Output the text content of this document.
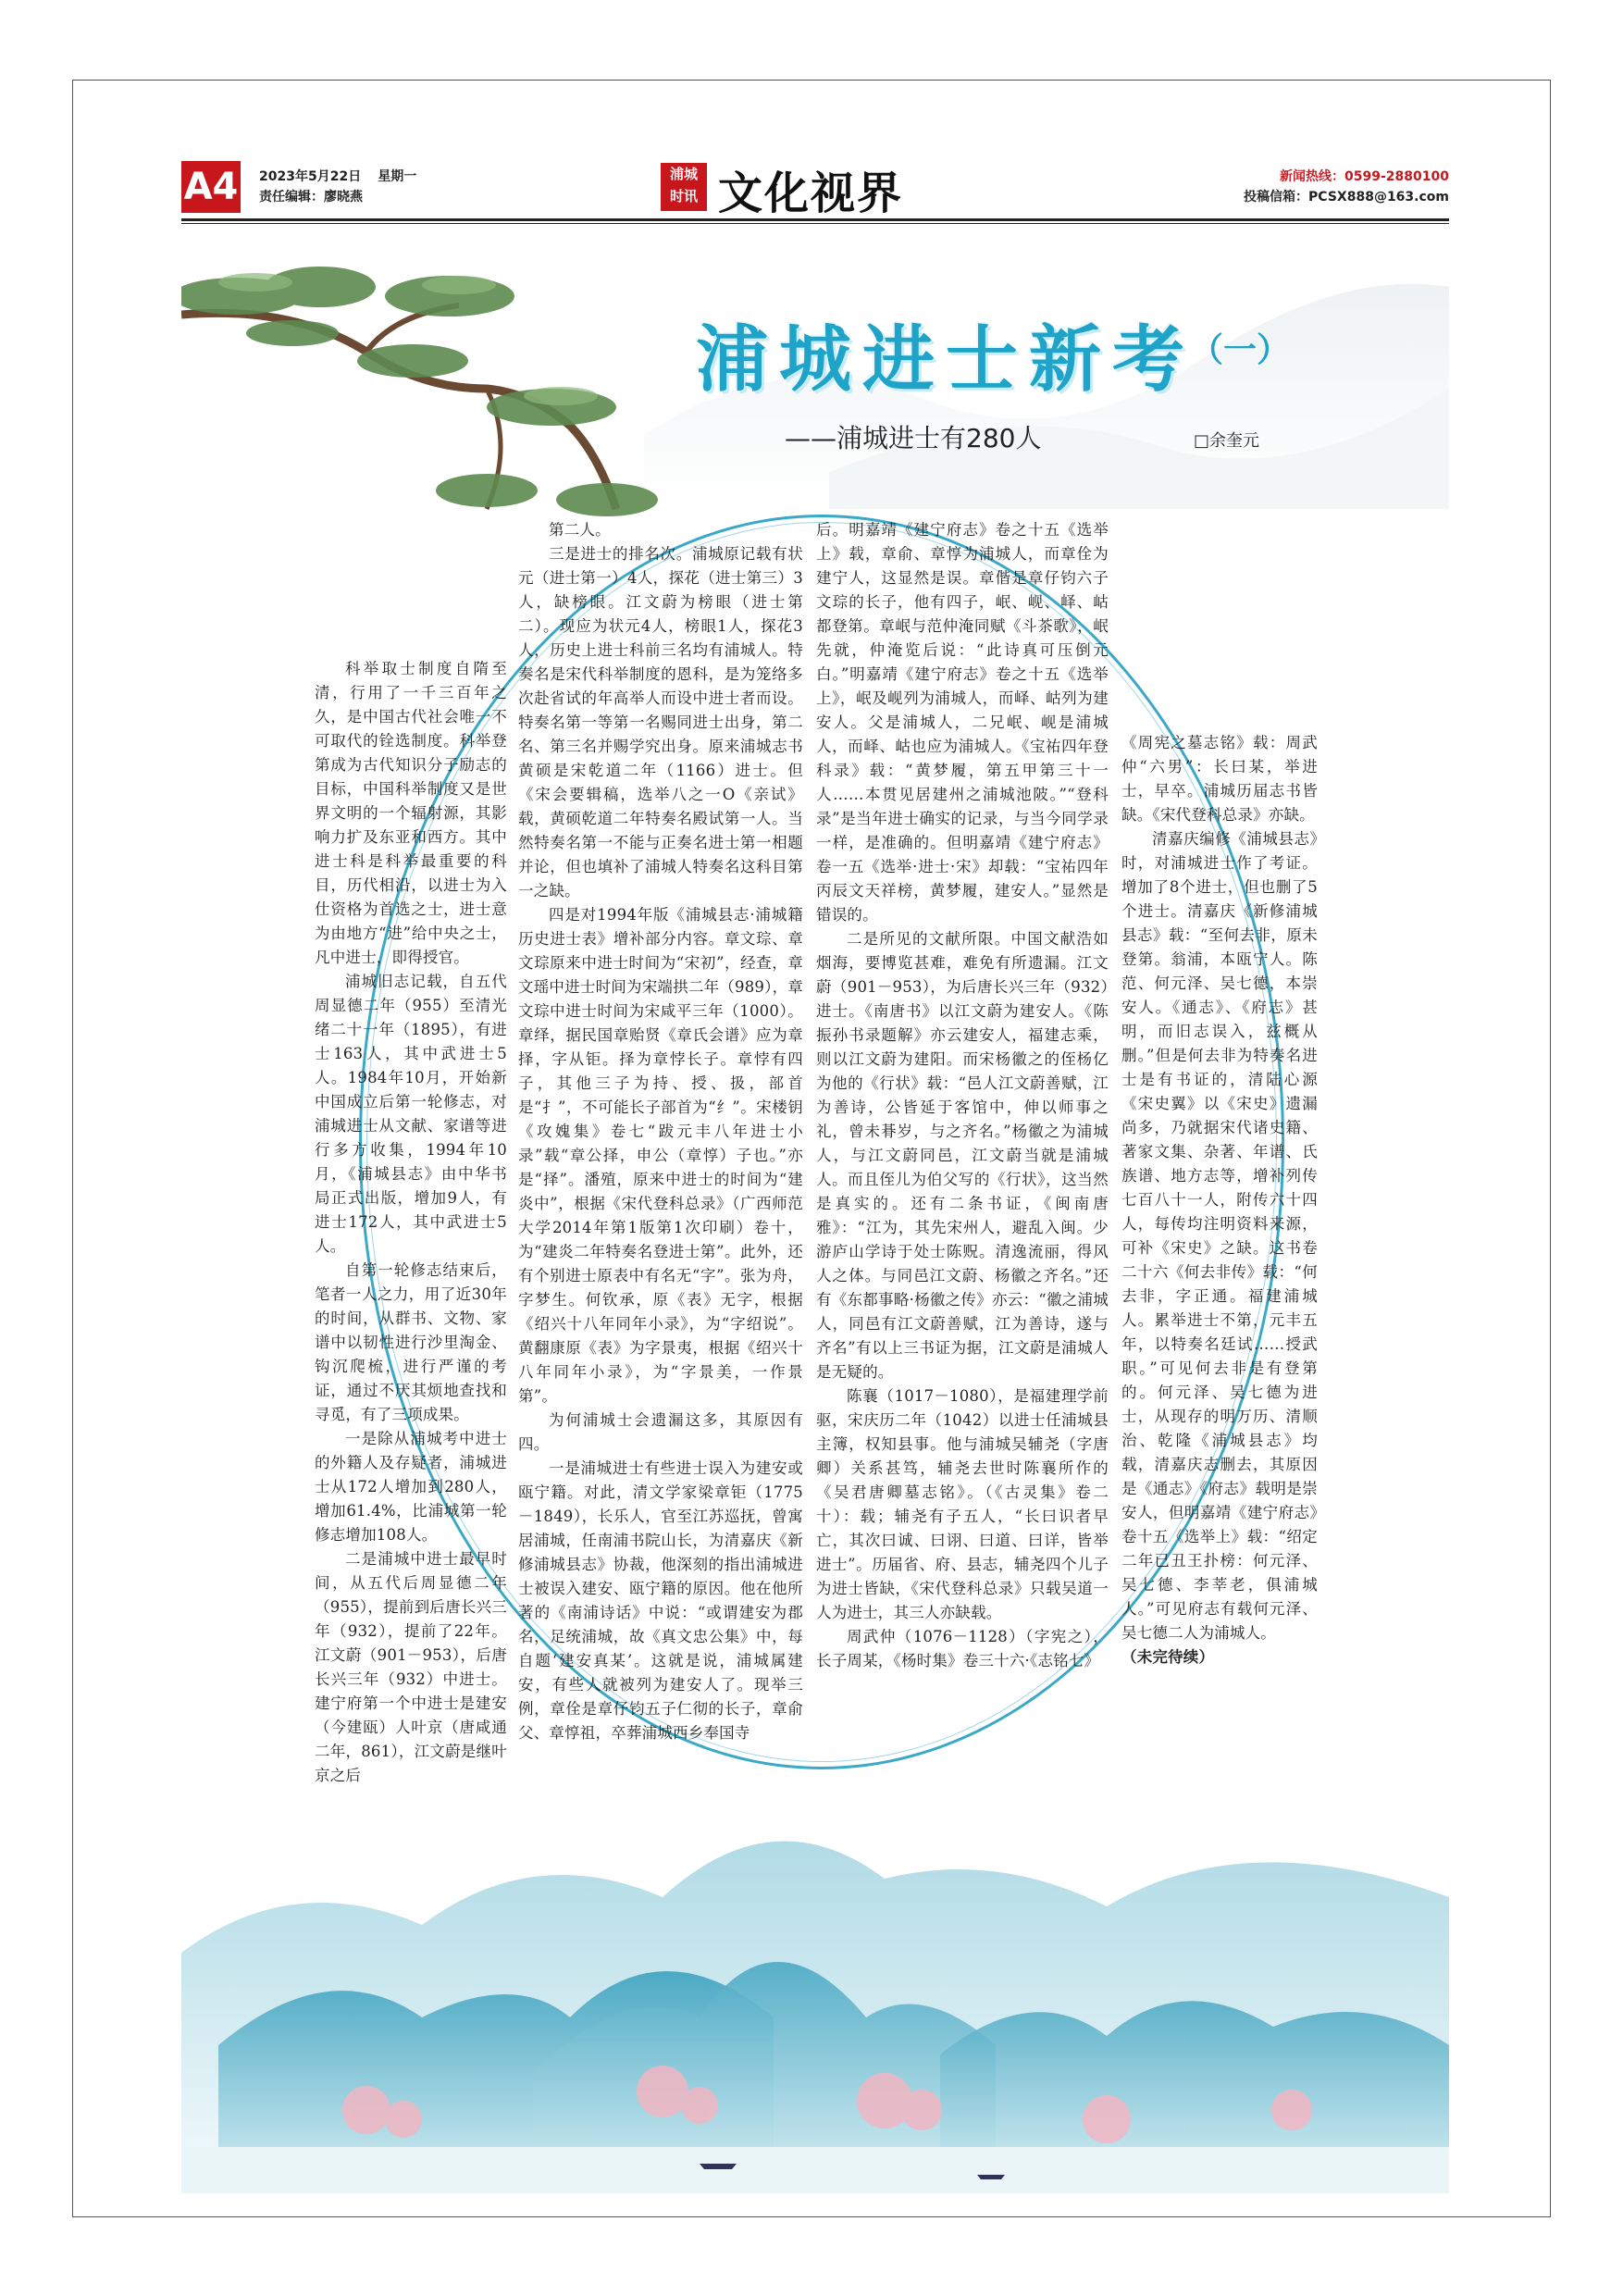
A4 2023年5月22日 星期一
责任编辑：廖晓燕
浦城
时讯 文化视界	新闻热线：0599-2880100
投稿信箱：PCSX888@163.com
浦城进士新考
（一）
——浦城进士有280人	□余奎元

科举取士制度自隋至清，行用了一千三百年之久，是中国古代社会唯一不可取代的铨选制度。科举登第成为古代知识分子励志的目标，中国科举制度又是世界文明的一个辐射源，其影响力扩及东亚和西方。其中进士科是科举最重要的科目，历代相沿，以进士为入仕资格为首选之士，进士意为由地方“进”给中央之士，凡中进士，即得授官。

浦城旧志记载，自五代周显德二年（955）至清光绪二十一年（1895），有进士163人，其中武进士5人。1984年10月，开始新中国成立后第一轮修志，对浦城进士从文献、家谱等进行多方收集，1994年10月，《浦城县志》由中华书局正式出版，增加9人，有进士172人，其中武进士5人。

自第一轮修志结束后，笔者一人之力，用了近30年的时间，从群书、文物、家谱中以韧性进行沙里淘金、钩沉爬梳，进行严谨的考证，通过不厌其烦地查找和寻觅，有了三项成果。

一是除从浦城考中进士的外籍人及存疑者，浦城进士从172人增加到280人，增加61.4%，比浦城第一轮修志增加108人。

二是浦城中进士最早时间，从五代后周显德二年（955），提前到后唐长兴三年（932），提前了22年。江文蔚（901－953），后唐长兴三年（932）中进士。建宁府第一个中进士是建安（今建瓯）人叶京（唐咸通二年，861），江文蔚是继叶京之后

第二人。

三是进士的排名次。浦城原记载有状元（进士第一）4人，探花（进士第三）3人，缺榜眼。江文蔚为榜眼（进士第二）。现应为状元4人，榜眼1人，探花3人，历史上进士科前三名均有浦城人。特奏名是宋代科举制度的恩科，是为笼络多次赴省试的年高举人而设中进士者而设。特奏名第一等第一名赐同进士出身，第二名、第三名并赐学究出身。原来浦城志书黄硕是宋乾道二年（1166）进士。但《宋会要辑稿，选举八之一O《亲试》载，黄硕乾道二年特奏名殿试第一人。当然特奏名第一不能与正奏名进士第一相题并论，但也填补了浦城人特奏名这科目第一之缺。

四是对1994年版《浦城县志·浦城籍历史进士表》增补部分内容。章文琮、章文琮原来中进士时间为“宋初”，经查，章文瑶中进士时间为宋端拱二年（989），章文琮中进士时间为宋咸平三年（1000）。章绎，据民国章贻贤《章氏会谱》应为章择，字从钜。择为章悖长子。章悖有四子，其他三子为持、授、扱，部首是“扌”，不可能长子部首为“纟”。宋楼钥《攻媿集》卷七“跋元丰八年进士小录”载“章公择，申公（章惇）子也。”亦是“择”。潘殖，原来中进士的时间为“建炎中”，根据《宋代登科总录》（广西师范大学2014年第1版第1次印刷）卷十，为“建炎二年特奏名登进士第”。此外，还有个别进士原表中有名无“字”。张为舟，字梦生。何钦承，原《表》无字，根据《绍兴十八年同年小录》，为“字绍说”。黄翻康原《表》为字景夷，根据《绍兴十八年同年小录》，为“字景美，一作景第”。

为何浦城士会遗漏这多，其原因有四。

一是浦城进士有些进士误入为建安或瓯宁籍。对此，清文学家梁章钜（1775－1849），长乐人，官至江苏巡抚，曾寓居浦城，任南浦书院山长，为清嘉庆《新修浦城县志》协裁，他深刻的指出浦城进士被误入建安、瓯宁籍的原因。他在他所著的《南浦诗话》中说：“或谓建安为郡名，足统浦城，故《真文忠公集》中，每自题‘建安真某’。这就是说，浦城属建安，有些人就被列为建安人了。现举三例，章佺是章仔钧五子仁彻的长子，章俞父、章惇祖，卒葬浦城西乡奉国寺

后。明嘉靖《建宁府志》卷之十五《选举上》载，章俞、章惇为浦城人，而章佺为建宁人，这显然是误。章偕是章仔钧六子文琮的长子，他有四子，岷、岘、峄、岵都登第。章岷与范仲淹同赋《斗茶歌》，岷先就，仲淹览后说：“此诗真可压倒元白。”明嘉靖《建宁府志》卷之十五《选举上》，岷及岘列为浦城人，而峄、岵列为建安人。父是浦城人，二兄岷、岘是浦城人，而峄、岵也应为浦城人。《宝祐四年登科录》载：“黄梦履，第五甲第三十一人……本贯见居建州之浦城池陂。”“登科录”是当年进士确实的记录，与当今同学录一样，是准确的。但明嘉靖《建宁府志》卷一五《选举·进士·宋》却载：“宝祐四年丙辰文天祥榜，黄梦履，建安人。”显然是错误的。

二是所见的文献所限。中国文献浩如烟海，要博览甚难，难免有所遗漏。江文蔚（901－953），为后唐长兴三年（932）进士。《南唐书》以江文蔚为建安人。《陈振孙书录题解》亦云建安人，福建志乘，则以江文蔚为建阳。而宋杨徽之的侄杨亿为他的《行状》载：“邑人江文蔚善赋，江为善诗，公皆延于客馆中，伸以师事之礼，曾未朞岁，与之齐名。”杨徽之为浦城人，与江文蔚同邑，江文蔚当就是浦城人。而且侄儿为伯父写的《行状》，这当然是真实的。还有二条书证，《闽南唐雅》：“江为，其先宋州人，避乱入闽。少游庐山学诗于处士陈贶。清逸流丽，得风人之体。与同邑江文蔚、杨徽之齐名。”还有《东都事略·杨徽之传》亦云：“徽之浦城人，同邑有江文蔚善赋，江为善诗，遂与齐名”有以上三书证为据，江文蔚是浦城人是无疑的。

陈襄（1017－1080），是福建理学前驱，宋庆历二年（1042）以进士任浦城县主簿，权知县事。他与浦城吴辅尧（字唐卿）关系甚笃，辅尧去世时陈襄所作的《吴君唐卿墓志铭》。（《古灵集》卷二十）：载；辅尧有子五人，“长曰识者早亡，其次曰诚、曰诩、曰道、曰详，皆举进士”。历届省、府、县志，辅尧四个儿子为进士皆缺，《宋代登科总录》只载吴道一人为进士，其三人亦缺载。

周武仲（1076－1128）（字宪之），长子周某，《杨时集》卷三十六·《志铭七》

《周宪之墓志铭》载：周武仲“六男”：长曰某，举进士，早卒。浦城历届志书皆缺。《宋代登科总录》亦缺。

清嘉庆编修《浦城县志》时，对浦城进士作了考证。增加了8个进士，但也删了5个进士。清嘉庆《新修浦城县志》载：“至何去非，原未登第。翁浦，本瓯宁人。陈范、何元泽、吴七德，本崇安人。《通志》、《府志》甚明，而旧志误入，兹概从删。”但是何去非为特奏名进士是有书证的，清陆心源《宋史翼》以《宋史》遗漏尚多，乃就据宋代诸史籍、著家文集、杂著、年谱、氏族谱、地方志等，增补列传七百八十一人，附传六十四人，每传均注明资料来源，可补《宋史》之缺。这书卷二十六《何去非传》载：“何去非，字正通。福建浦城人。累举进士不第，元丰五年，以特奏名廷试……授武职。”可见何去非是有登第的。何元泽、吴七德为进士，从现存的明万历、清顺治、乾隆《浦城县志》均载，清嘉庆志删去，其原因是《通志》《府志》载明是崇安人，但明嘉靖《建宁府志》卷十五《选举上》载：“绍定二年已丑王扑榜：何元泽、吴七德、李莘老，俱浦城人。”可见府志有载何元泽、吴七德二人为浦城人。

（未完待续）
